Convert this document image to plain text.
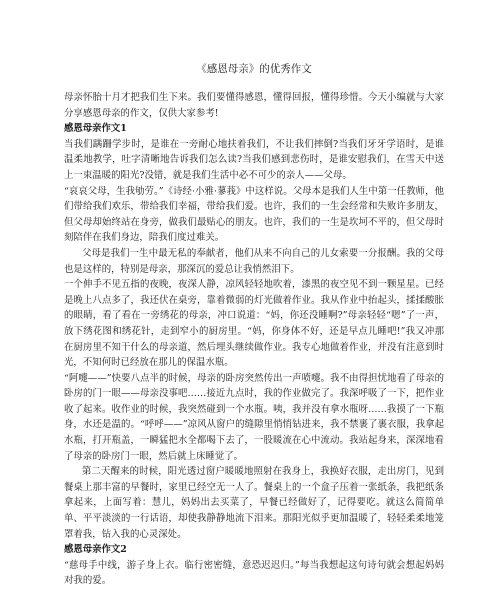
《感恩母亲》的优秀作文

母亲怀胎十月才把我们生下来。我们要懂得感恩，懂得回报，懂得珍惜。今天小编就与大家分享感恩母亲的作文，仅供大家参考!

感恩母亲作文1

当我们蹒跚学步时，是谁在一旁耐心地扶着我们，不让我们摔倒?当我们牙牙学语时，是谁温柔地教学，吐字清晰地告诉我们怎么读?当我们感到悲伤时，是谁安慰我们，在雪天中送上一束温暖的阳光?没错，就是我们生活中必不可少的亲人——父母。

“哀哀父母，生我劬劳。”《诗经·小雅·蓼莪》中这样说。父母本是我们人生中第一任教师，他们带给我们欢乐，带给我们幸福，带给我们爱。也许，我们的一生会经常和失败许多朋友，但父母却始终站在身旁，做我们最贴心的朋友。也许，我们的一生是坎坷不平的，但父母时刻陪伴在我们身边，陪我们度过难关。

父母是我们一生中最无私的奉献者，他们从来不向自己的儿女索要一分报酬。我的父母也是这样的，特别是母亲，那深沉的爱总让我悄然泪下。

一个伸手不见五指的夜晚，夜深人静，凉风轻轻地吹着，漆黑的夜空见不到一颗星星。已经是晚上八点多了，我还伏在桌旁，靠着微弱的灯光做着作业。我从作业中抬起头，揉揉酸胀的眼睛，看了看在一旁绣花的母亲，冲口说道：“妈，你还没睡啊?”母亲轻轻“嗯”了一声，放下绣花图和绣花针，走到窄小的厨房里。“妈，你身体不好，还是早点儿睡吧!”我又冲那在厨房里不知干什么的母亲道，然后埋头继续做作业。我专心地做着作业，并没有注意到时光，不知何时已经放在那儿的保温水瓶。

“阿嚏——”快要八点半的时候，母亲的卧房突然传出一声喷嚏。我不由得担忧地看了母亲的卧房的门一眼——母亲没事吧……接近九点时，我的作业做完了。我深呼吸了一下，把作业收了起来。收作业的时候，我突然碰到一个水瓶。咦，我并没有拿水瓶呀……我摸了一下瓶身，水还是温的。“呼呼——”凉风从窗户的缝隙里悄悄钻进来，我不禁裹了裹衣服，我拿起水瓶，打开瓶盖，一瞬猛把水全都喝下去了，一股暖流在心中流动。我站起身来，深深地看了母亲的卧房门一眼，然后就上床睡觉了。

第二天醒来的时候，阳光透过窗户暖暖地照射在我身上，我换好衣服，走出房门，见到餐桌上那丰富的早餐时，家里已经空无一人了。餐桌上的一个盒子压着一张纸条，我把纸条拿起来，上面写着：慧儿，妈妈出去买菜了，早餐已经做好了，记得要吃。就这么简简单单、平平淡淡的一行话语，却使我静静地流下泪来。那阳光似乎更加温暖了，轻轻柔柔地笼罩着我，钻入我的心灵深处。

感恩母亲作文2

“慈母手中线，游子身上衣。临行密密缝，意恐迟迟归。”每当我想起这句诗句就会想起妈妈对我的爱。
